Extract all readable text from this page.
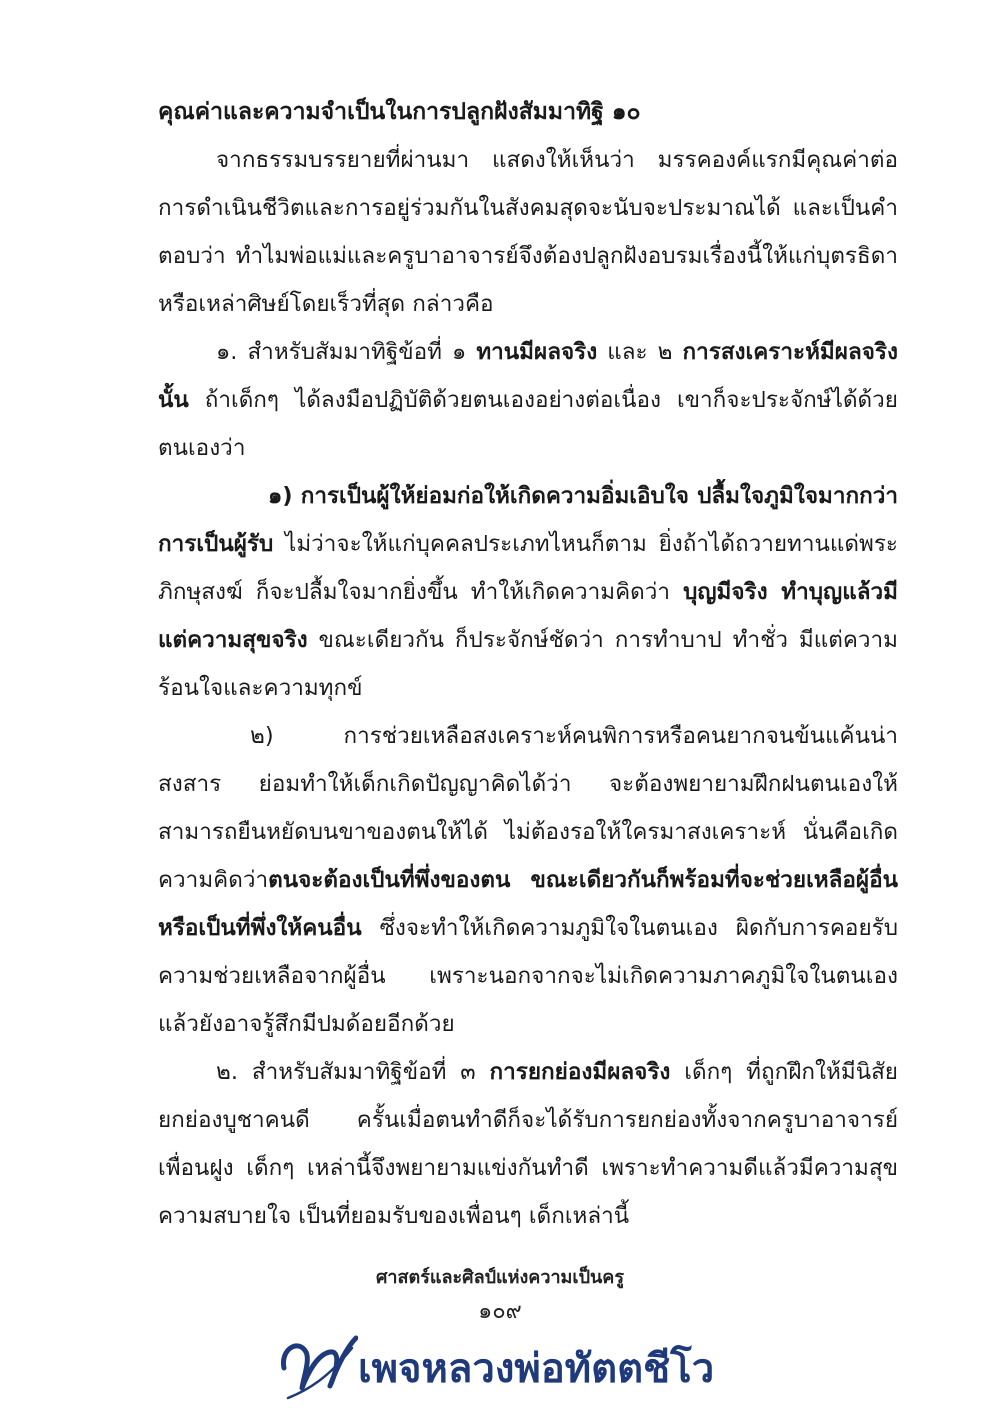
คุณค่าและความจำเป็นในการปลูกฝังสัมมาทิฐิ ๑๐

จากธรรมบรรยายที่ผ่านมา แสดงให้เห็นว่า มรรคองค์แรกมีคุณค่าต่อการดำเนินชีวิตและการอยู่ร่วมกันในสังคมสุดจะนับจะประมาณได้ และเป็นคำตอบว่า ทำไมพ่อแม่และครูบาอาจารย์จึงต้องปลูกฝังอบรมเรื่องนี้ให้แก่บุตรธิดาหรือเหล่าศิษย์โดยเร็วที่สุด กล่าวคือ

๑. สำหรับสัมมาทิฐิข้อที่ ๑ ทานมีผลจริง และ ๒ การสงเคราะห์มีผลจริงนั้น ถ้าเด็กๆ ได้ลงมือปฏิบัติด้วยตนเองอย่างต่อเนื่อง เขาก็จะประจักษ์ได้ด้วยตนเองว่า

๑) การเป็นผู้ให้ย่อมก่อให้เกิดความอิ่มเอิบใจ ปลื้มใจภูมิใจมากกว่าการเป็นผู้รับ ไม่ว่าจะให้แก่บุคคลประเภทไหนก็ตาม ยิ่งถ้าได้ถวายทานแด่พระภิกษุสงฆ์ ก็จะปลื้มใจมากยิ่งขึ้น ทำให้เกิดความคิดว่า บุญมีจริง ทำบุญแล้วมีแต่ความสุขจริง ขณะเดียวกัน ก็ประจักษ์ชัดว่า การทำบาป ทำชั่ว มีแต่ความร้อนใจและความทุกข์

๒) การช่วยเหลือสงเคราะห์คนพิการหรือคนยากจนข้นแค้นน่าสงสาร ย่อมทำให้เด็กเกิดปัญญาคิดได้ว่า จะต้องพยายามฝึกฝนตนเองให้สามารถยืนหยัดบนขาของตนให้ได้ ไม่ต้องรอให้ใครมาสงเคราะห์ นั่นคือเกิดความคิดว่าตนจะต้องเป็นที่พึ่งของตน ขณะเดียวกันก็พร้อมที่จะช่วยเหลือผู้อื่น หรือเป็นที่พึ่งให้คนอื่น ซึ่งจะทำให้เกิดความภูมิใจในตนเอง ผิดกับการคอยรับความช่วยเหลือจากผู้อื่น เพราะนอกจากจะไม่เกิดความภาคภูมิใจในตนเองแล้วยังอาจรู้สึกมีปมด้อยอีกด้วย

๒. สำหรับสัมมาทิฐิข้อที่ ๓ การยกย่องมีผลจริง เด็กๆ ที่ถูกฝึกให้มีนิสัยยกย่องบูชาคนดี ครั้นเมื่อตนทำดีก็จะได้รับการยกย่องทั้งจากครูบาอาจารย์ เพื่อนฝูง เด็กๆ เหล่านี้จึงพยายามแข่งกันทำดี เพราะทำความดีแล้วมีความสุข ความสบายใจ เป็นที่ยอมรับของเพื่อนๆ เด็กเหล่านี้

ศาสตร์และศิลป์แห่งความเป็นครู
๑๐๙
เพจหลวงพ่อทัตตชีโว
